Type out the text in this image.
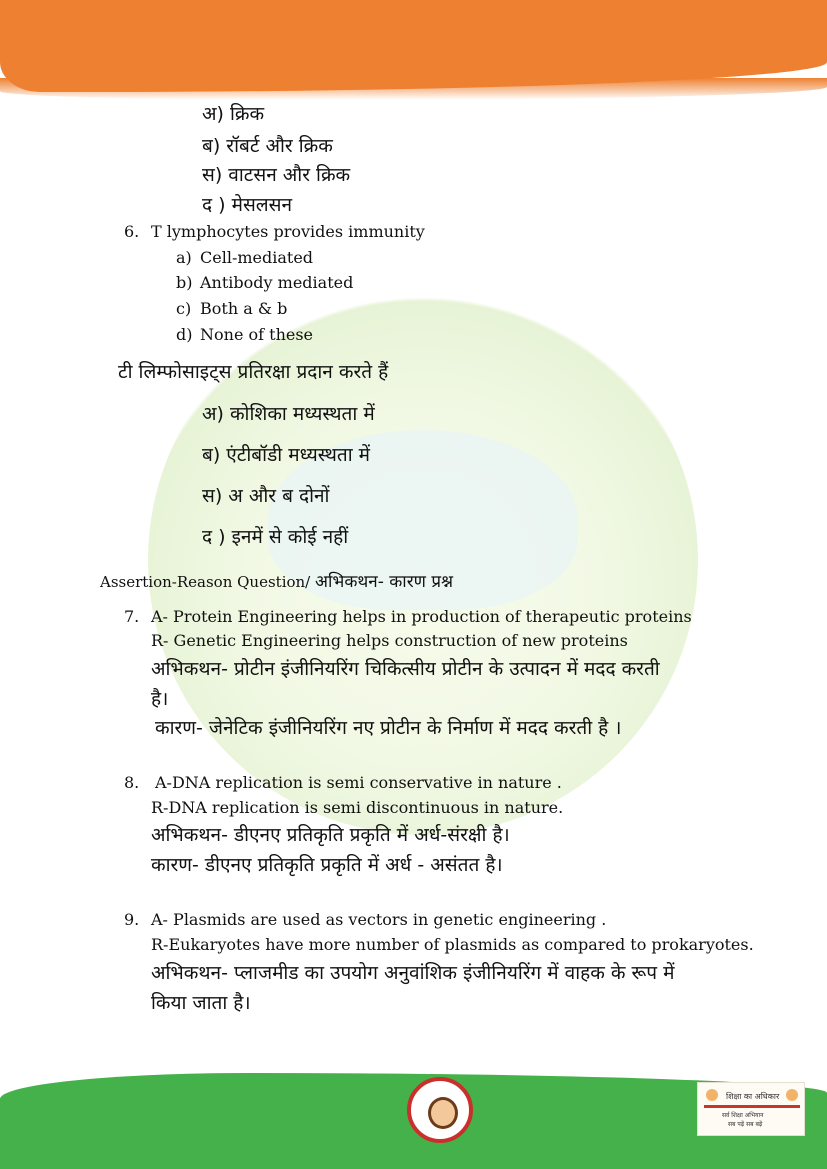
अ) क्रिक
ब) रॉबर्ट और क्रिक
स) वाटसन और क्रिक
द ) मेसलसन
6. T lymphocytes provides immunity
a) Cell-mediated
b) Antibody mediated
c) Both a & b
d) None of these
टी लिम्फोसाइट्स प्रतिरक्षा प्रदान करते हैं
अ) कोशिका मध्यस्थता में
ब) एंटीबॉडी मध्यस्थता में
स) अ और ब दोनों
द ) इनमें से कोई नहीं
Assertion-Reason Question/ अभिकथन- कारण प्रश्न
7. A- Protein Engineering helps in production of therapeutic proteins
R- Genetic Engineering helps construction of new proteins
अभिकथन- प्रोटीन इंजीनियरिंग चिकित्सीय प्रोटीन के उत्पादन में मदद करती
है।
कारण- जेनेटिक इंजीनियरिंग नए प्रोटीन के निर्माण में मदद करती है ।
8. A-DNA replication is semi conservative in nature .
R-DNA replication is semi discontinuous in nature.
अभिकथन- डीएनए प्रतिकृति प्रकृति में अर्ध-संरक्षी है।
कारण- डीएनए प्रतिकृति प्रकृति में अर्ध - असंतत है।
9. A- Plasmids are used as vectors in genetic engineering .
R-Eukaryotes have more number of plasmids as compared to prokaryotes.
अभिकथन- प्लाजमीड का उपयोग अनुवांशिक इंजीनियरिंग में वाहक के रूप में
किया जाता है।
शिक्षा का अधिकार
सर्व शिक्षा अभियान
सब पढ़ें सब बढ़ें
